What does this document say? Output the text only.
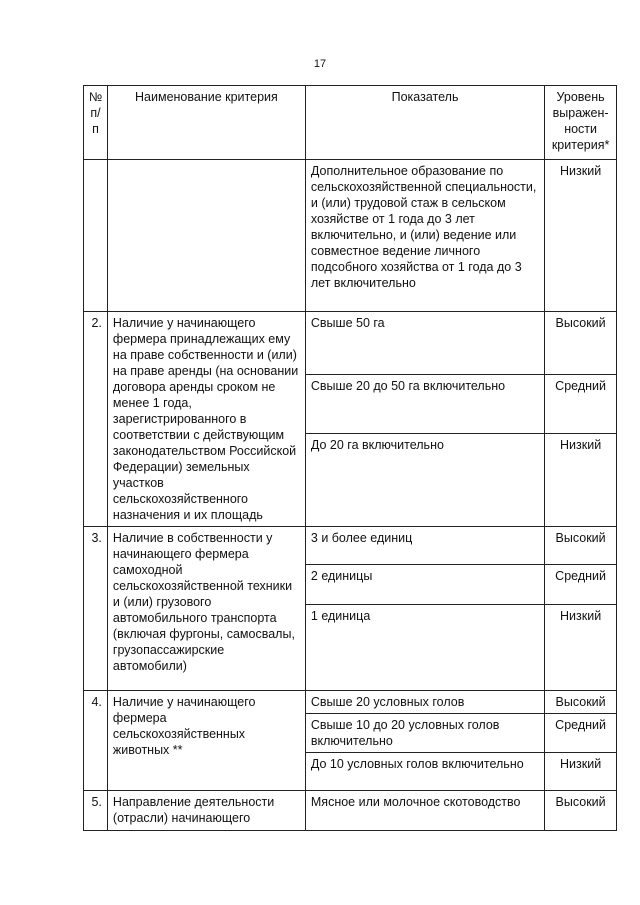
17
№ п/п	Наименование критерия	Показатель	Уровень выражен-ности критерия*
		Дополнительное образование по сельскохозяйственной специальности, и (или) трудовой стаж в сельском хозяйстве от 1 года до 3 лет включительно, и (или) ведение или совместное ведение личного подсобного хозяйства от 1 года до 3 лет включительно	Низкий
2.	Наличие у начинающего фермера принадлежащих ему на праве собственности и (или) на праве аренды (на основании договора аренды сроком не менее 1 года, зарегистрированного в соответствии с действующим законодательством Российской Федерации) земельных участков сельскохозяйственного назначения и их площадь	Свыше 50 га	Высокий
		Свыше 20 до 50 га включительно	Средний
		До 20 га включительно	Низкий
3.	Наличие в собственности у начинающего фермера самоходной сельскохозяйственной техники и (или) грузового автомобильного транспорта (включая фургоны, самосвалы, грузопассажирские автомобили)	3 и более единиц	Высокий
		2 единицы	Средний
		1 единица	Низкий
4.	Наличие у начинающего фермера сельскохозяйственных животных **	Свыше 20 условных голов	Высокий
		Свыше 10 до 20 условных голов включительно	Средний
		До 10 условных голов включительно	Низкий
5.	Направление деятельности (отрасли) начинающего	Мясное или молочное скотоводство	Высокий
